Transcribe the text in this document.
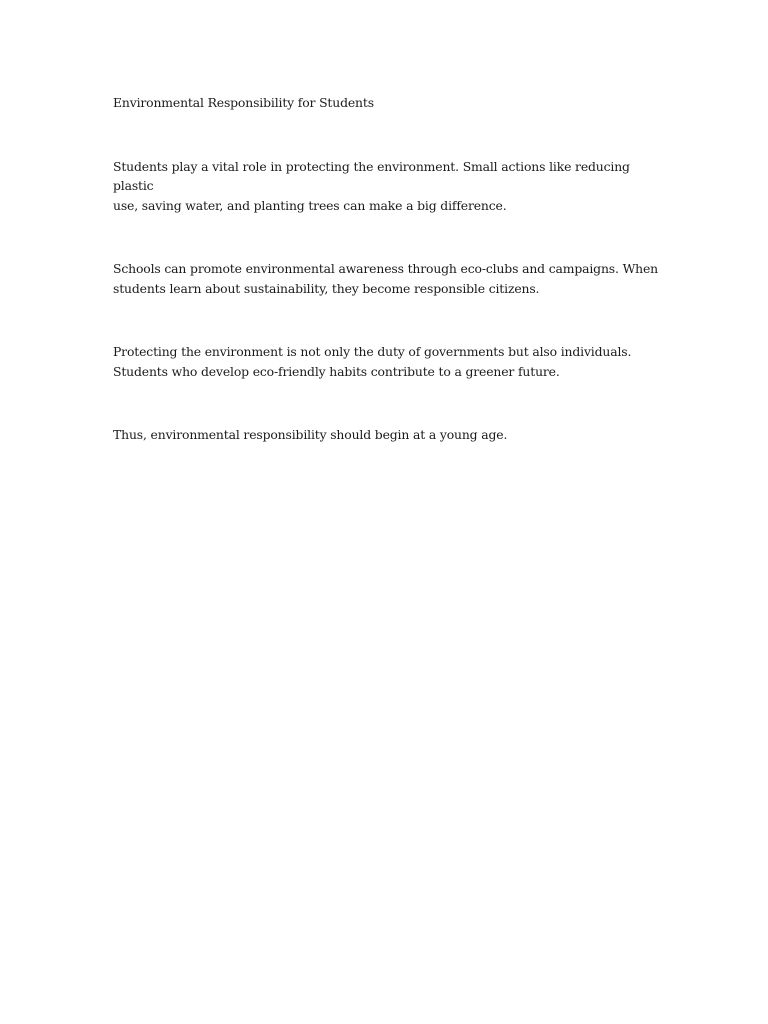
Environmental Responsibility for Students

Students play a vital role in protecting the environment. Small actions like reducing plastic
use, saving water, and planting trees can make a big difference.

Schools can promote environmental awareness through eco-clubs and campaigns. When
students learn about sustainability, they become responsible citizens.

Protecting the environment is not only the duty of governments but also individuals.
Students who develop eco-friendly habits contribute to a greener future.

Thus, environmental responsibility should begin at a young age.
